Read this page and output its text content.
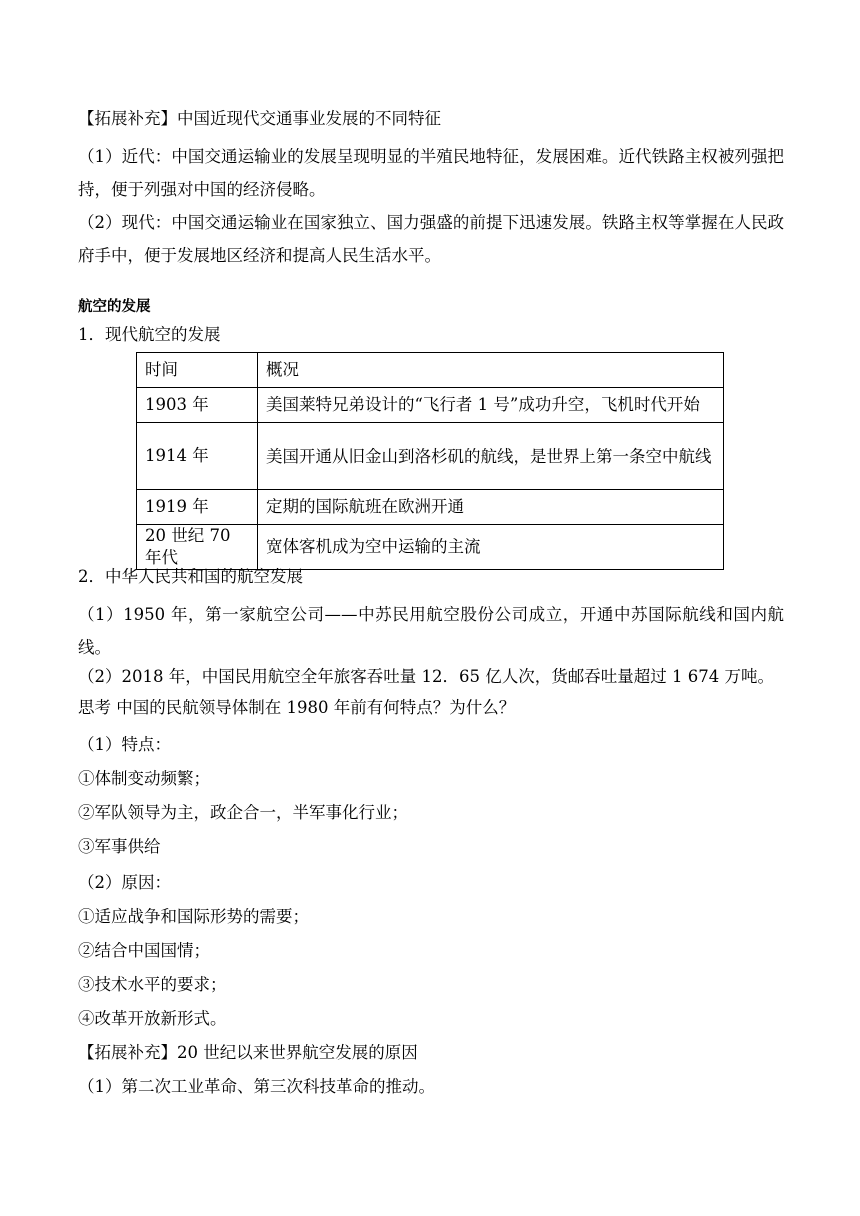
【拓展补充】中国近现代交通事业发展的不同特征
（1）近代：中国交通运输业的发展呈现明显的半殖民地特征，发展困难。近代铁路主权被列强把持，便于列强对中国的经济侵略。
（2）现代：中国交通运输业在国家独立、国力强盛的前提下迅速发展。铁路主权等掌握在人民政府手中，便于发展地区经济和提高人民生活水平。
航空的发展
1．现代航空的发展
时间	概况
1903 年	美国莱特兄弟设计的“飞行者 1 号”成功升空，飞机时代开始
1914 年	美国开通从旧金山到洛杉矶的航线，是世界上第一条空中航线
1919 年	定期的国际航班在欧洲开通
20 世纪 70 年代	宽体客机成为空中运输的主流
2．中华人民共和国的航空发展
（1）1950 年，第一家航空公司——中苏民用航空股份公司成立，开通中苏国际航线和国内航线。
（2）2018 年，中国民用航空全年旅客吞吐量 12．65 亿人次，货邮吞吐量超过 1 674 万吨。
思考 中国的民航领导体制在 1980 年前有何特点？为什么？
（1）特点：
①体制变动频繁；
②军队领导为主，政企合一，半军事化行业；
③军事供给
（2）原因：
①适应战争和国际形势的需要；
②结合中国国情；
③技术水平的要求；
④改革开放新形式。
【拓展补充】20 世纪以来世界航空发展的原因
（1）第二次工业革命、第三次科技革命的推动。
